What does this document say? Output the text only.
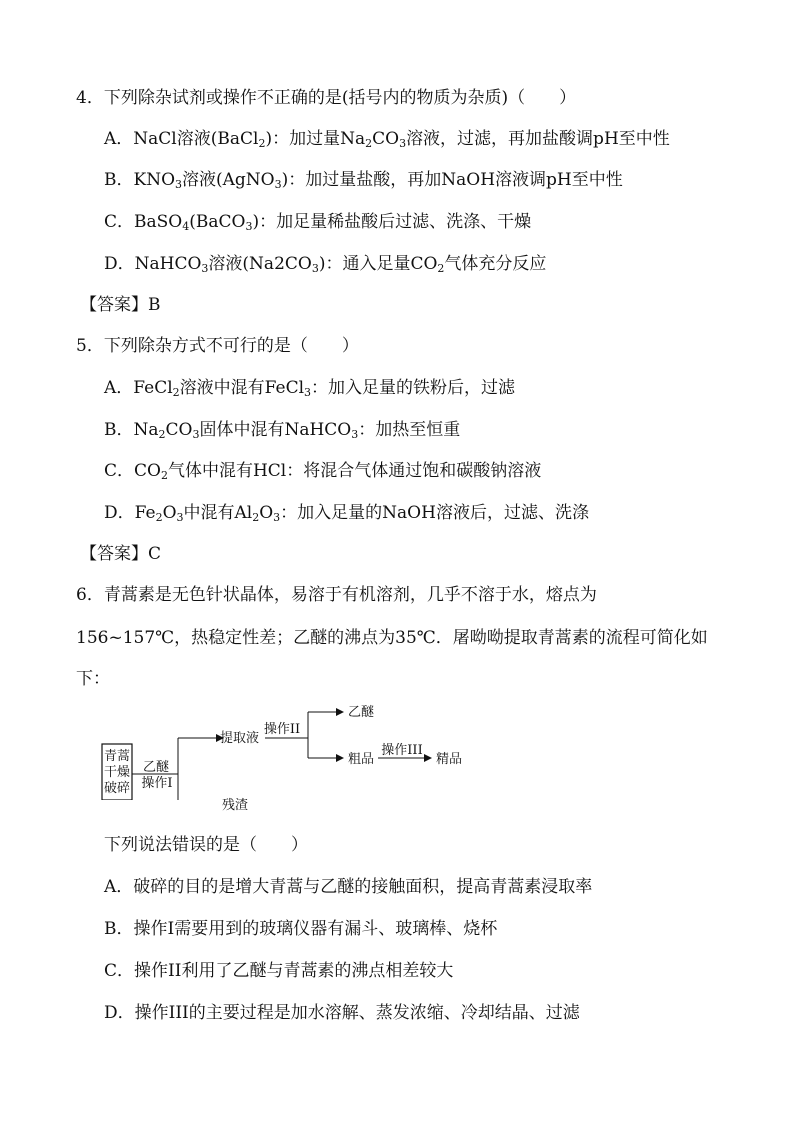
4．下列除杂试剂或操作不正确的是(括号内的物质为杂质)（　　）
A．NaCl溶液(BaCl$_2$)：加过量$Na_2CO_3$溶液，过滤，再加盐酸调pH至中性
B．$KNO_3$溶液(AgNO$_3$)：加过量盐酸，再加NaOH溶液调pH至中性
C．BaSO$_4$(BaCO$_3$)：加足量稀盐酸后过滤、洗涤、干燥
D．NaHCO$_3$溶液$(Na2CO_3)$：通入足量$CO_2$气体充分反应
【答案】B
5．下列除杂方式不可行的是（　　）
A．FeCl$_2$溶液中混有FeCl$_3$：加入足量的铁粉后，过滤
B．$Na_2CO_3$固体中混有NaHCO$_3$：加热至恒重
C．$CO_2$气体中混有HCl：将混合气体通过饱和碳酸钠溶液
D．$Fe_2O_3$中混有$Al_2O_3$：加入足量的NaOH溶液后，过滤、洗涤
【答案】C
6．青蒿素是无色针状晶体，易溶于有机溶剂，几乎不溶于水，熔点为
156~157℃，热稳定性差；乙醚的沸点为35℃．屠呦呦提取青蒿素的流程可简化如
下：
青蒿
干燥
破碎
乙醚
操作I
提取液
操作II
乙醚
粗品
操作III
精品
残渣
下列说法错误的是（　　）
A．破碎的目的是增大青蒿与乙醚的接触面积，提高青蒿素浸取率
B．操作I需要用到的玻璃仪器有漏斗、玻璃棒、烧杯
C．操作II利用了乙醚与青蒿素的沸点相差较大
D．操作III的主要过程是加水溶解、蒸发浓缩、冷却结晶、过滤
